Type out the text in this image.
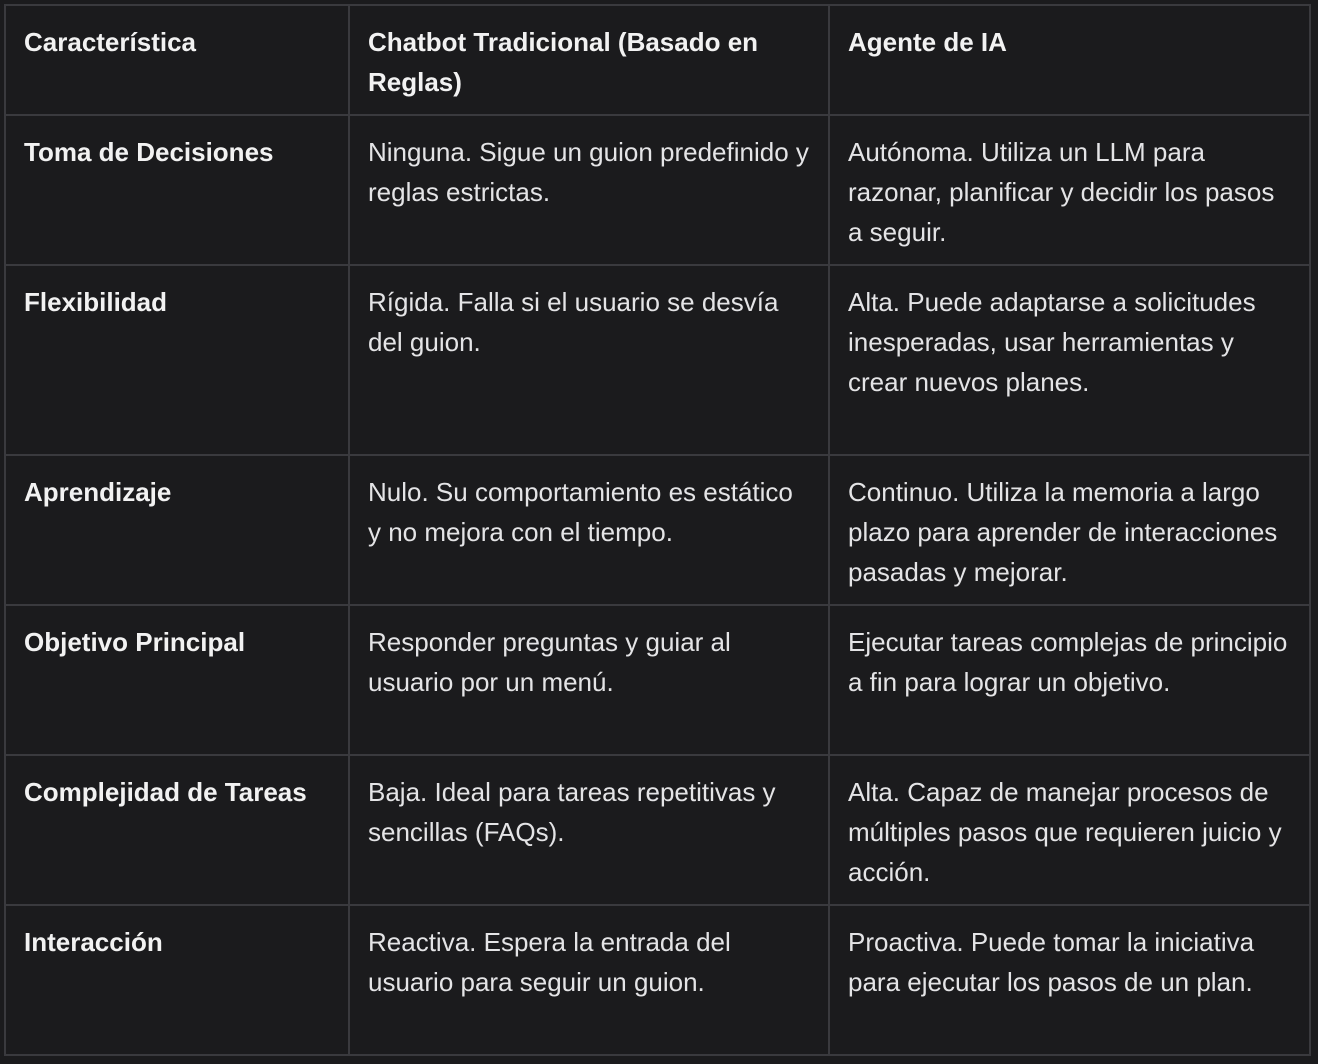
Característica	Chatbot Tradicional (Basado en Reglas)	Agente de IA
Toma de Decisiones	Ninguna. Sigue un guion predefinido y reglas estrictas.	Autónoma. Utiliza un LLM para razonar, planificar y decidir los pasos a seguir.
Flexibilidad	Rígida. Falla si el usuario se desvía del guion.	Alta. Puede adaptarse a solicitudes inesperadas, usar herramientas y crear nuevos planes.
Aprendizaje	Nulo. Su comportamiento es estático y no mejora con el tiempo.	Continuo. Utiliza la memoria a largo plazo para aprender de interacciones pasadas y mejorar.
Objetivo Principal	Responder preguntas y guiar al usuario por un menú.	Ejecutar tareas complejas de principio a fin para lograr un objetivo.
Complejidad de Tareas	Baja. Ideal para tareas repetitivas y sencillas (FAQs).	Alta. Capaz de manejar procesos de múltiples pasos que requieren juicio y acción.
Interacción	Reactiva. Espera la entrada del usuario para seguir un guion.	Proactiva. Puede tomar la iniciativa para ejecutar los pasos de un plan.
